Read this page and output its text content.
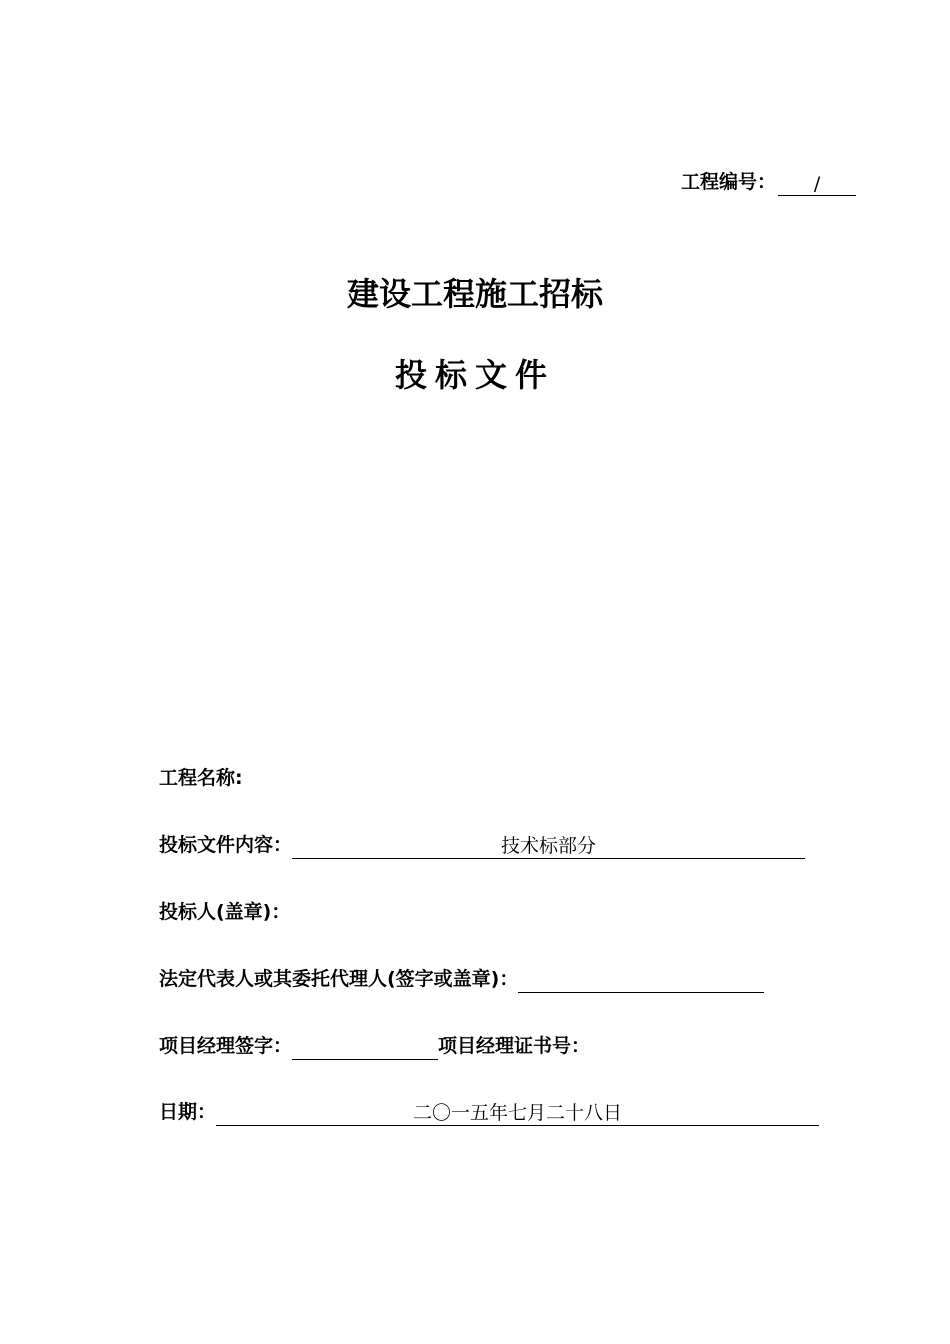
工程编号：	/
建设工程施工招标
投标文件
工程名称:
投标文件内容：	技术标部分
投标人(盖章)：
法定代表人或其委托代理人(签字或盖章)：
项目经理签字：	项目经理证书号：
日期：	二〇一五年七月二十八日
